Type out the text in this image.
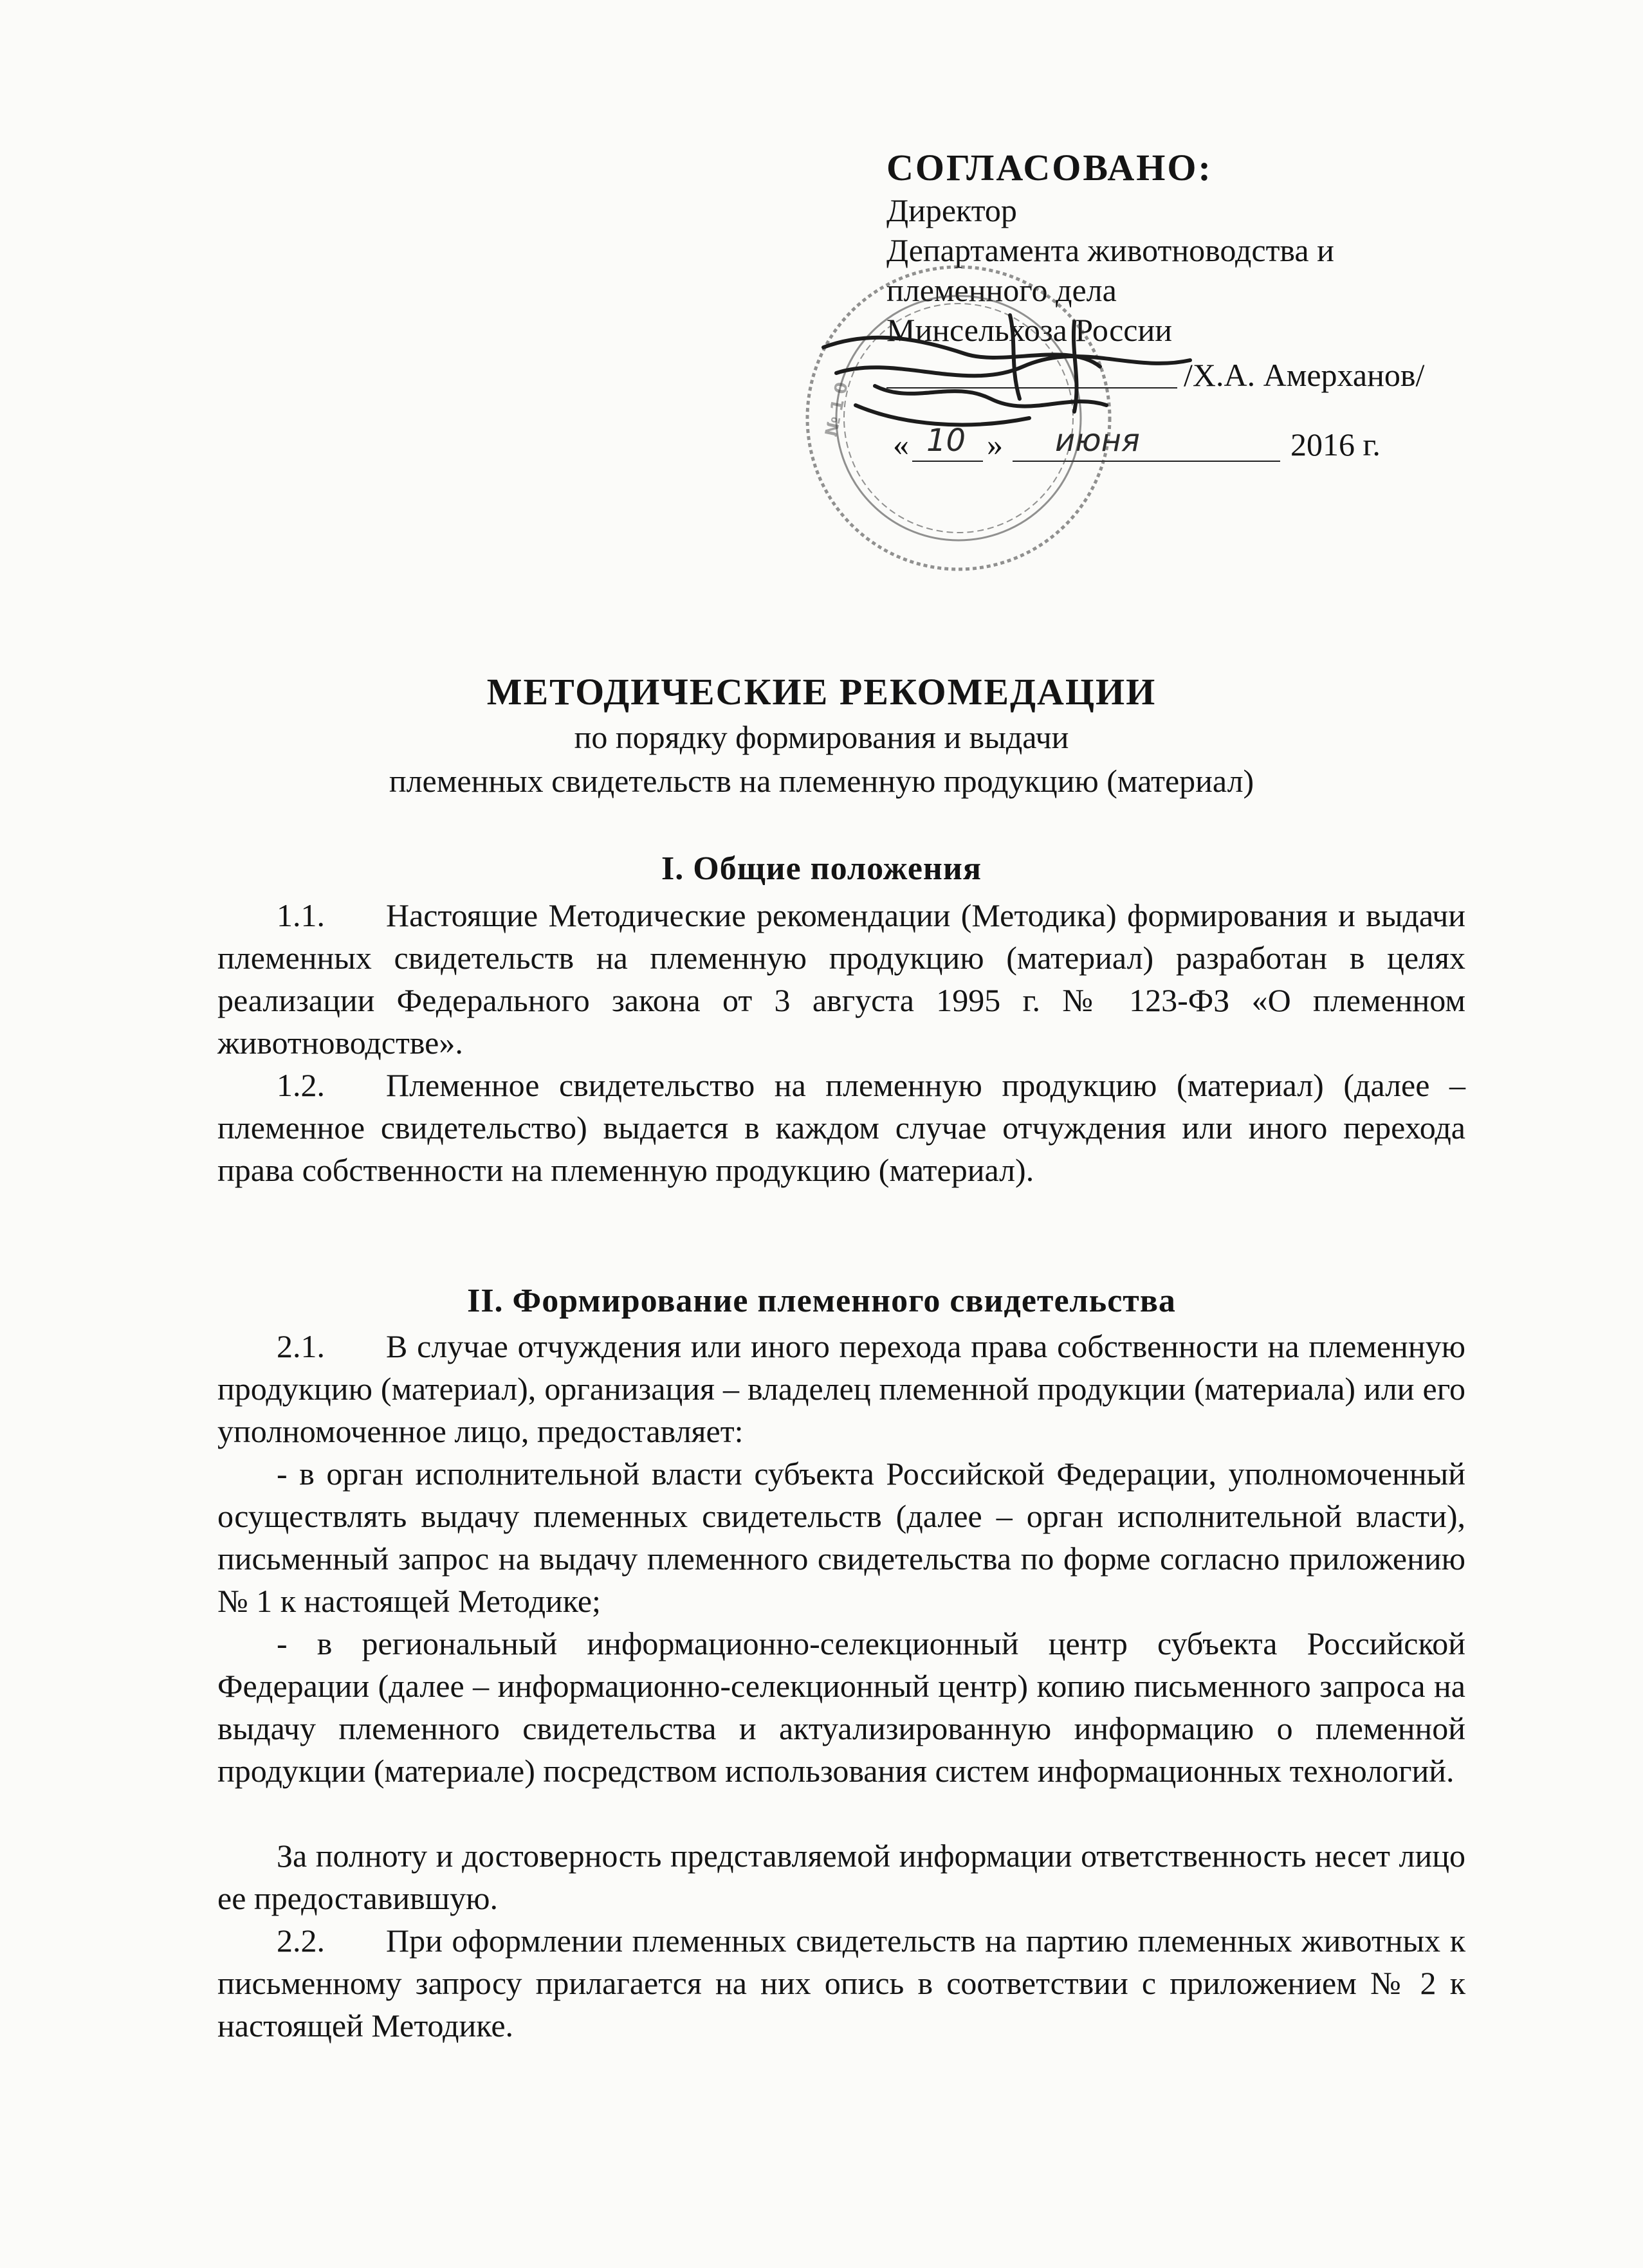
СОГЛАСОВАНО:
Директор
Департамента животноводства и
племенного дела
Минсельхоза России
/Х.А. Амерханов/
« 10 » июня	2016 г.
№ 1 0
МЕТОДИЧЕСКИЕ РЕКОМЕДАЦИИ
по порядку формирования и выдачи
племенных свидетельств на племенную продукцию (материал)
I. Общие положения

1.1. Настоящие Методические рекомендации (Методика) формирования и выдачи племенных свидетельств на племенную продукцию (материал) разработан в целях реализации Федерального закона от 3 августа 1995 г. № 123-ФЗ «О племенном животноводстве».

1.2. Племенное свидетельство на племенную продукцию (материал) (далее – племенное свидетельство) выдается в каждом случае отчуждения или иного перехода права собственности на племенную продукцию (материал).

II. Формирование племенного свидетельства

2.1. В случае отчуждения или иного перехода права собственности на племенную продукцию (материал), организация – владелец племенной продукции (материала) или его уполномоченное лицо, предоставляет:

- в орган исполнительной власти субъекта Российской Федерации, уполномоченный осуществлять выдачу племенных свидетельств (далее – орган исполнительной власти), письменный запрос на выдачу племенного свидетельства по форме согласно приложению № 1 к настоящей Методике;

- в региональный информационно-селекционный центр субъекта Российской Федерации (далее – информационно-селекционный центр) копию письменного запроса на выдачу племенного свидетельства и актуализированную информацию о племенной продукции (материале) посредством использования систем информационных технологий.

За полноту и достоверность представляемой информации ответственность несет лицо ее предоставившую.

2.2. При оформлении племенных свидетельств на партию племенных животных к письменному запросу прилагается на них опись в соответствии с приложением № 2 к настоящей Методике.
